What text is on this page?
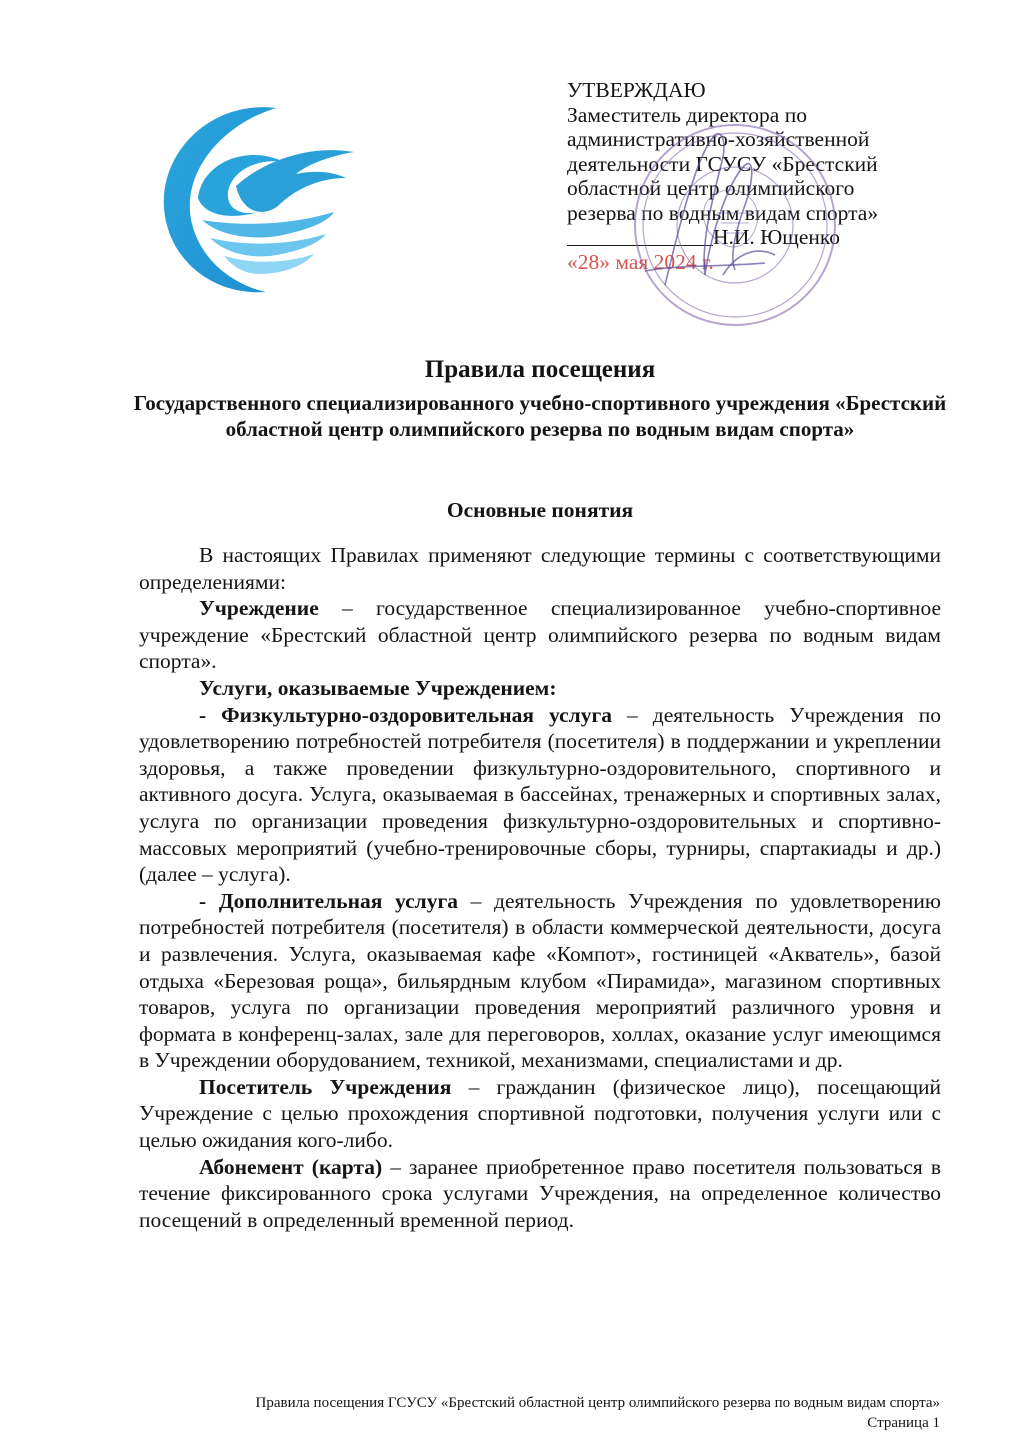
УТВЕРЖДАЮ
Заместитель директора по
административно-хозяйственной
деятельности ГСУСУ «Брестский
областной центр олимпийского
резерва по водным видам спорта»
Н.И. Ющенко
«28» мая 2024 г.

Правила посещения

Государственного специализированного учебно-спортивного учреждения «Брестский областной центр олимпийского резерва по водным видам спорта»

Основные понятия

В настоящих Правилах применяют следующие термины с соответствующими определениями:

Учреждение – государственное специализированное учебно-спортивное учреждение «Брестский областной центр олимпийского резерва по водным видам спорта».

Услуги, оказываемые Учреждением:

- Физкультурно-оздоровительная услуга – деятельность Учреждения по удовлетворению потребностей потребителя (посетителя) в поддержании и укреплении здоровья, а также проведении физкультурно-оздоровительного, спортивного и активного досуга. Услуга, оказываемая в бассейнах, тренажерных и спортивных залах, услуга по организации проведения физкультурно-оздоровительных и спортивно-массовых мероприятий (учебно-тренировочные сборы, турниры, спартакиады и др.) (далее – услуга).

- Дополнительная услуга – деятельность Учреждения по удовлетворению потребностей потребителя (посетителя) в области коммерческой деятельности, досуга и развлечения. Услуга, оказываемая кафе «Компот», гостиницей «Акватель», базой отдыха «Березовая роща», бильярдным клубом «Пирамида», магазином спортивных товаров, услуга по организации проведения мероприятий различного уровня и формата в конференц-залах, зале для переговоров, холлах, оказание услуг имеющимся в Учреждении оборудованием, техникой, механизмами, специалистами и др.

Посетитель Учреждения – гражданин (физическое лицо), посещающий Учреждение с целью прохождения спортивной подготовки, получения услуги или с целью ожидания кого-либо.

Абонемент (карта) – заранее приобретенное право посетителя пользоваться в течение фиксированного срока услугами Учреждения, на определенное количество посещений в определенный временной период.

Правила посещения ГСУСУ «Брестский областной центр олимпийского резерва по водным видам спорта»
Страница 1
